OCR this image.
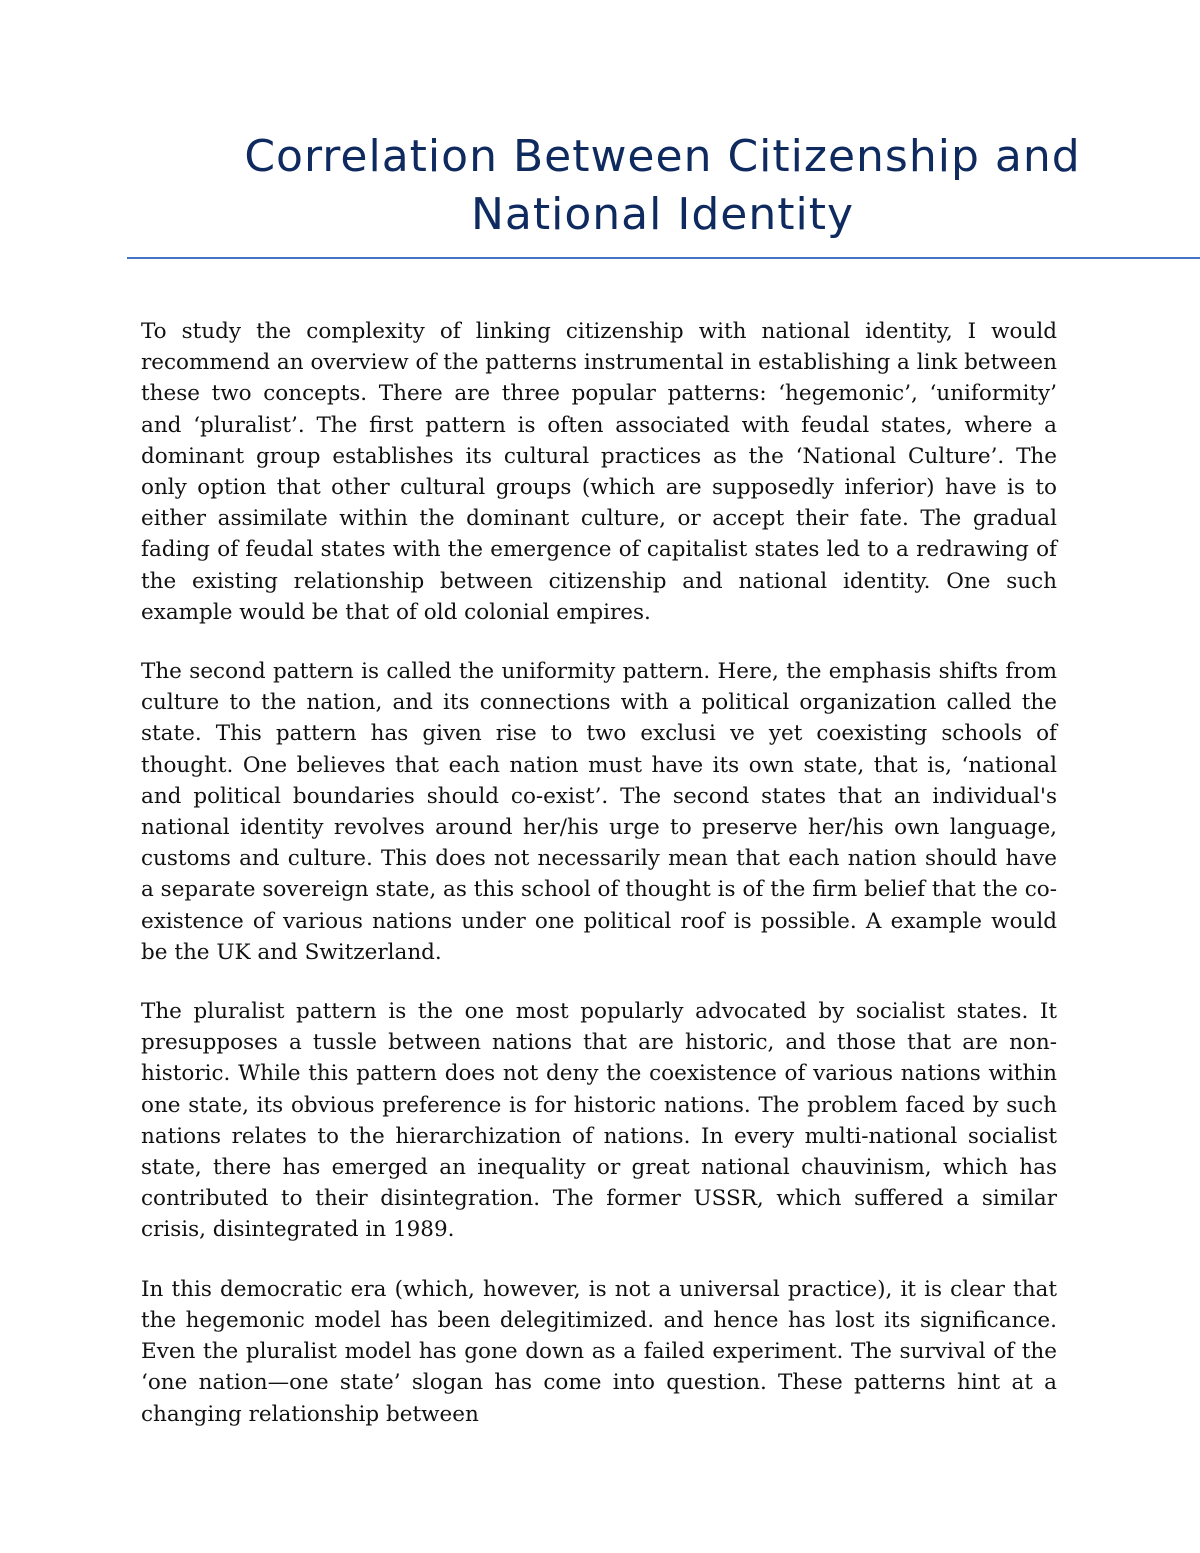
Correlation Between Citizenship and
National Identity

To study the complexity of linking citizenship with national identity, I would recommend an overview of the patterns instrumental in establishing a link between these two concepts. There are three popular patterns: ‘hegemonic’, ‘uniformity’ and ‘pluralist’. The first pattern is often associated with feudal states, where a dominant group establishes its cultural practices as the ‘National Culture’. The only option that other cultural groups (which are supposedly inferior) have is to either assimilate within the dominant culture, or accept their fate. The gradual fading of feudal states with the emergence of capitalist states led to a redrawing of the existing relationship between citizenship and national identity. One such example would be that of old colonial empires.

The second pattern is called the uniformity pattern. Here, the emphasis shifts from culture to the nation, and its connections with a political organization called the state. This pattern has given rise to two exclusi ve yet coexisting schools of thought. One believes that each nation must have its own state, that is, ‘national and political boundaries should co-exist’. The second states that an individual's national identity revolves around her/his urge to preserve her/his own language, customs and culture. This does not necessarily mean that each nation should have a separate sovereign state, as this school of thought is of the firm belief that the co-existence of various nations under one political roof is possible. A example would be the UK and Switzerland.

The pluralist pattern is the one most popularly advocated by socialist states. It presupposes a tussle between nations that are historic, and those that are non-historic. While this pattern does not deny the coexistence of various nations within one state, its obvious preference is for historic nations. The problem faced by such nations relates to the hierarchization of nations. In every multi-national socialist state, there has emerged an inequality or great national chauvinism, which has contributed to their disintegration. The former USSR, which suffered a similar crisis, disintegrated in 1989.

In this democratic era (which, however, is not a universal practice), it is clear that the hegemonic model has been delegitimized. and hence has lost its significance. Even the pluralist model has gone down as a failed experiment. The survival of the ‘one nation—one state’ slogan has come into question. These patterns hint at a changing relationship between
